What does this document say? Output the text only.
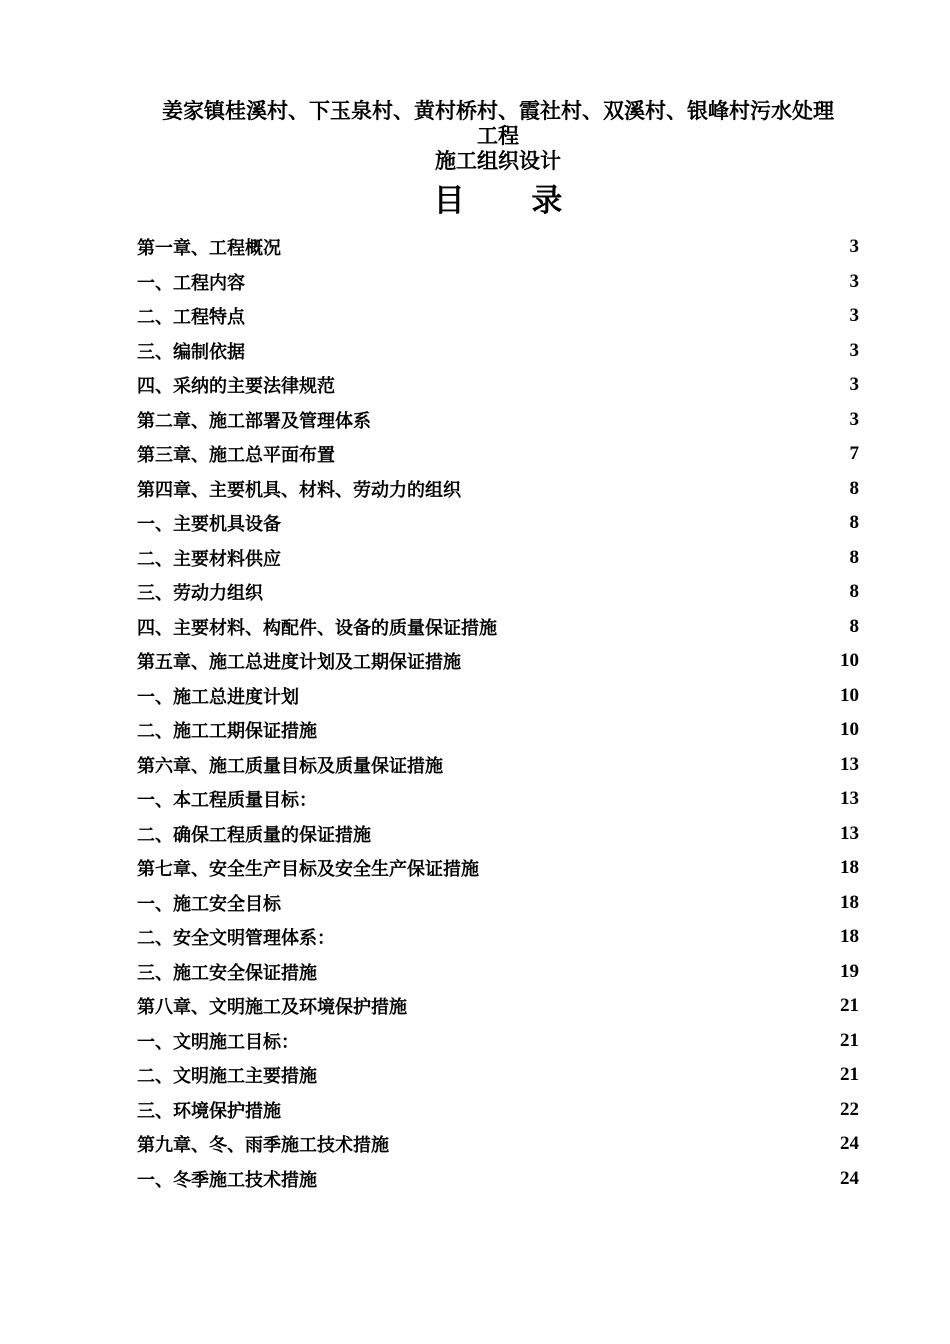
姜家镇桂溪村、下玉泉村、黄村桥村、霞社村、双溪村、银峰村污水处理
工程
施工组织设计
目 录
第一章、工程概况	3
一、工程内容	3
二、工程特点	3
三、编制依据	3
四、采纳的主要法律规范	3
第二章、施工部署及管理体系	3
第三章、施工总平面布置	7
第四章、主要机具、材料、劳动力的组织	8
一、主要机具设备	8
二、主要材料供应	8
三、劳动力组织	8
四、主要材料、构配件、设备的质量保证措施	8
第五章、施工总进度计划及工期保证措施	10
一、施工总进度计划	10
二、施工工期保证措施	10
第六章、施工质量目标及质量保证措施	13
一、本工程质量目标：	13
二、确保工程质量的保证措施	13
第七章、安全生产目标及安全生产保证措施	18
一、施工安全目标	18
二、安全文明管理体系：	18
三、施工安全保证措施	19
第八章、文明施工及环境保护措施	21
一、文明施工目标：	21
二、文明施工主要措施	21
三、环境保护措施	22
第九章、冬、雨季施工技术措施	24
一、冬季施工技术措施	24
